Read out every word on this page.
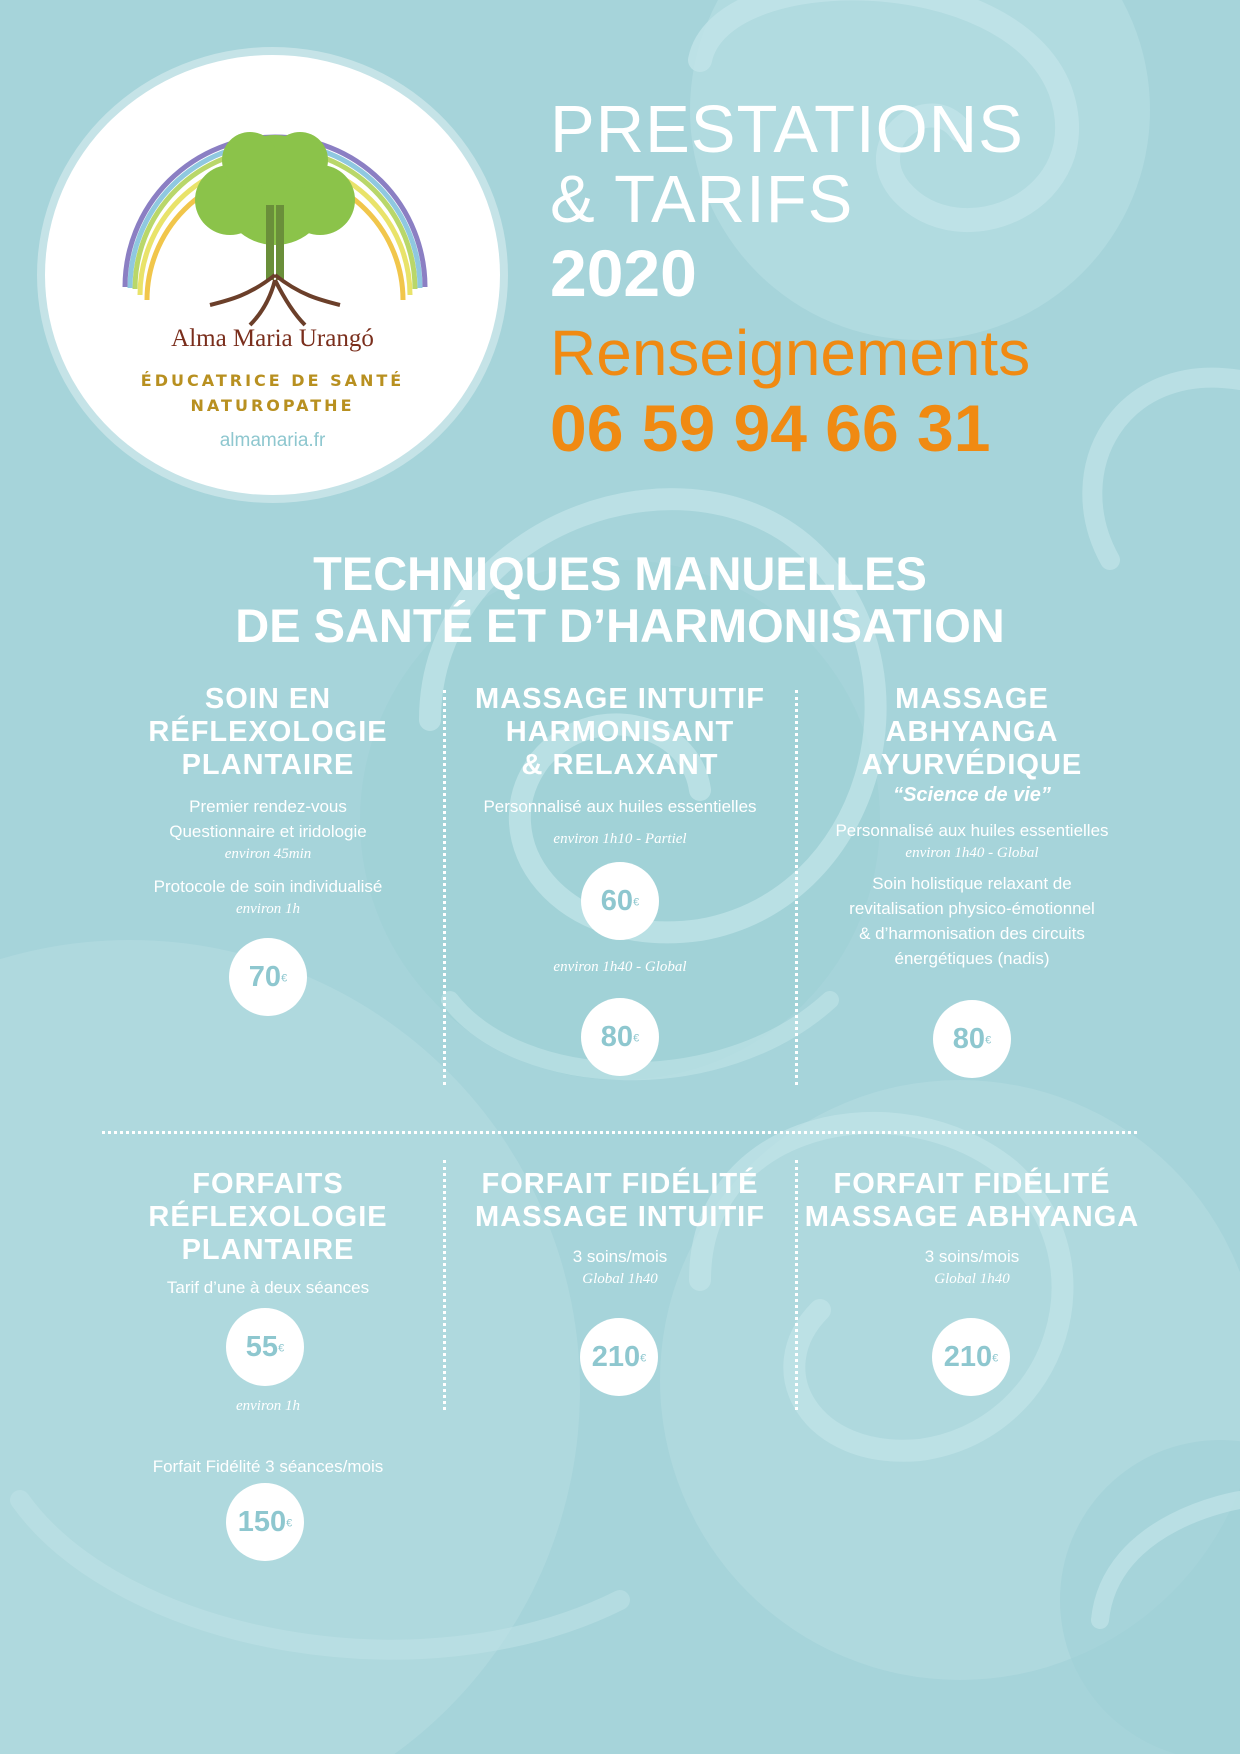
Alma Maria Urangó
ÉDUCATRICE DE SANTÉ
NATUROPATHE
almamaria.fr
PRESTATIONS
& TARIFS
2020
Renseignements
06 59 94 66 31
TECHNIQUES MANUELLES
DE SANTÉ ET D’HARMONISATION
SOIN EN
RÉFLEXOLOGIE
PLANTAIRE
Premier rendez-vous
Questionnaire et iridologie
environ 45min
Protocole de soin individualisé
environ 1h
70€
MASSAGE INTUITIF
HARMONISANT
& RELAXANT
Personnalisé aux huiles essentielles
environ 1h10 - Partiel
60€
environ 1h40 - Global
80€
MASSAGE
ABHYANGA
AYURVÉDIQUE
“Science de vie”
Personnalisé aux huiles essentielles
environ 1h40 - Global
Soin holistique relaxant de
revitalisation physico-émotionnel
& d’harmonisation des circuits
énergétiques (nadis)
80€
FORFAITS
RÉFLEXOLOGIE
PLANTAIRE
Tarif d’une à deux séances
55€
environ 1h
Forfait Fidélité 3 séances/mois
150€
FORFAIT FIDÉLITÉ
MASSAGE INTUITIF
3 soins/mois
Global 1h40
210€
FORFAIT FIDÉLITÉ
MASSAGE ABHYANGA
3 soins/mois
Global 1h40
210€
